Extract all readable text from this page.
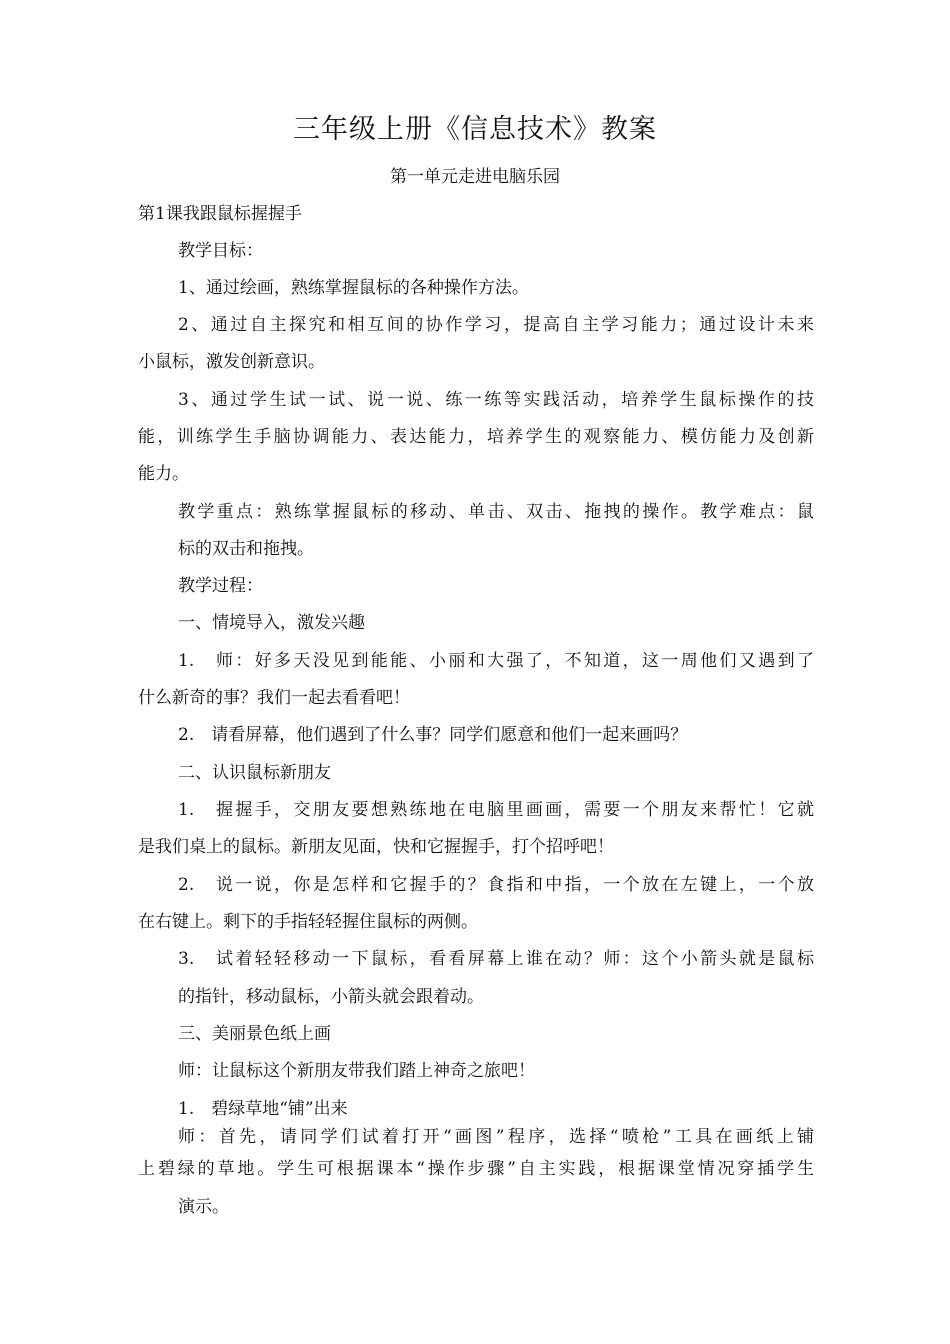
三年级上册《信息技术》教案
第一单元走进电脑乐园
第1课我跟鼠标握握手
教学目标：
1、通过绘画，熟练掌握鼠标的各种操作方法。
2、通过自主探究和相互间的协作学习，提高自主学习能力；通过设计未来
小鼠标，激发创新意识。
3、通过学生试一试、说一说、练一练等实践活动，培养学生鼠标操作的技
能，训练学生手脑协调能力、表达能力，培养学生的观察能力、模仿能力及创新
能力。
教学重点：熟练掌握鼠标的移动、单击、双击、拖拽的操作。教学难点：鼠
标的双击和拖拽。
教学过程：
一、情境导入，激发兴趣
1.　师：好多天没见到能能、小丽和大强了，不知道，这一周他们又遇到了
什么新奇的事？我们一起去看看吧！
2.　请看屏幕，他们遇到了什么事？同学们愿意和他们一起来画吗？
二、认识鼠标新朋友
1.　握握手，交朋友要想熟练地在电脑里画画，需要一个朋友来帮忙！它就
是我们桌上的鼠标。新朋友见面，快和它握握手，打个招呼吧！
2.　说一说，你是怎样和它握手的？食指和中指，一个放在左键上，一个放
在右键上。剩下的手指轻轻握住鼠标的两侧。
3.　试着轻轻移动一下鼠标，看看屏幕上谁在动？师：这个小箭头就是鼠标
的指针，移动鼠标，小箭头就会跟着动。
三、美丽景色纸上画
师：让鼠标这个新朋友带我们踏上神奇之旅吧！
1.　碧绿草地“铺”出来
师：首先，请同学们试着打开“画图”程序，选择“喷枪”工具在画纸上铺
上碧绿的草地。学生可根据课本“操作步骤”自主实践，根据课堂情况穿插学生
演示。
